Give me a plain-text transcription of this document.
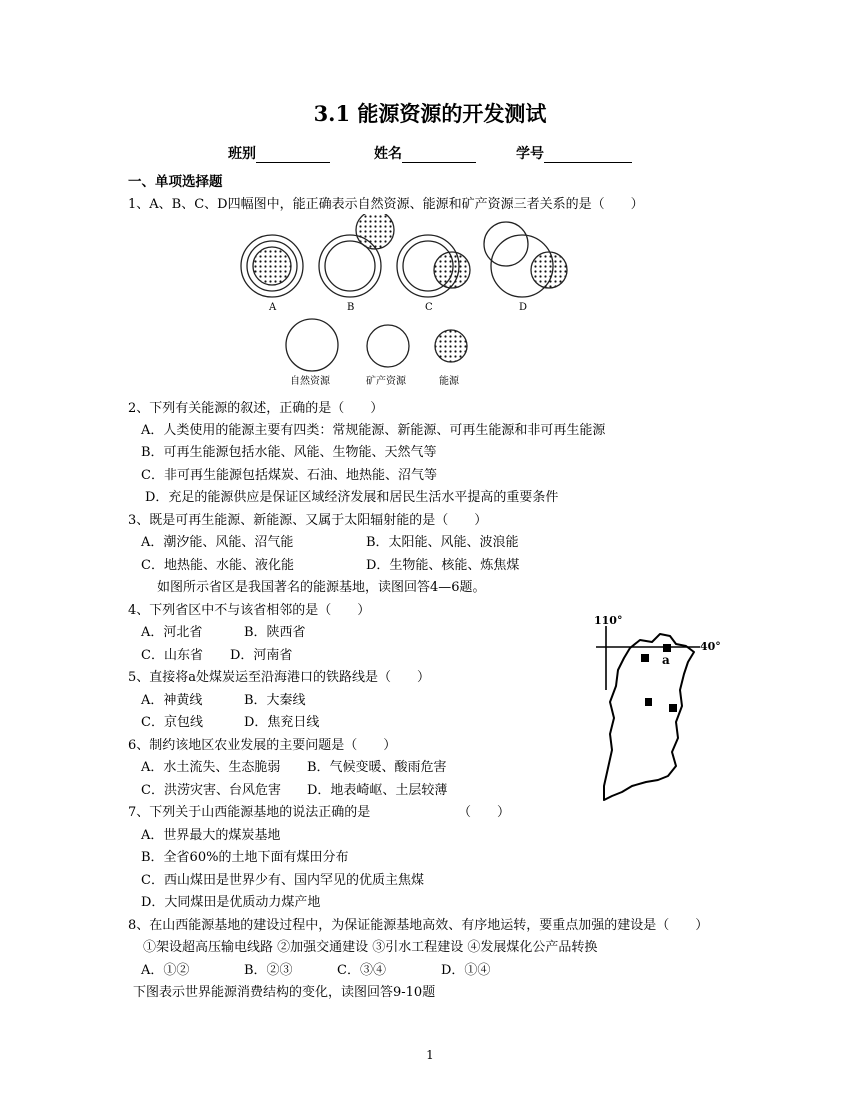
3.1 能源资源的开发测试
班别	姓名	学号
一、单项选择题
1、A、B、C、D四幅图中，能正确表示自然资源、能源和矿产资源三者关系的是（　　）
A	B	C	D
自然资源	矿产资源	能源
2、下列有关能源的叙述，正确的是（　　）
A．人类使用的能源主要有四类：常规能源、新能源、可再生能源和非可再生能源
B．可再生能源包括水能、风能、生物能、天然气等
C．非可再生能源包括煤炭、石油、地热能、沼气等
D．充足的能源供应是保证区域经济发展和居民生活水平提高的重要条件
3、既是可再生能源、新能源、又属于太阳辐射能的是（　　）
A．潮汐能、风能、沼气能	B．太阳能、风能、波浪能
C．地热能、水能、液化能	D．生物能、核能、炼焦煤
如图所示省区是我国著名的能源基地，读图回答4—6题。
4、下列省区中不与该省相邻的是（　　）
A．河北省	B．陕西省
C．山东省 D．河南省
110°
40°
a
5、直接将a处煤炭运至沿海港口的铁路线是（　　）
A．神黄线	B．大秦线
C．京包线	D．焦兖日线
6、制约该地区农业发展的主要问题是（　　）
A．水土流失、生态脆弱 B．气候变暖、酸雨危害
C．洪涝灾害、台风危害 D．地表崎岖、土层较薄
7、下列关于山西能源基地的说法正确的是	（　　）
A．世界最大的煤炭基地
B．全省60%的土地下面有煤田分布
C．西山煤田是世界少有、国内罕见的优质主焦煤
D．大同煤田是优质动力煤产地
8、在山西能源基地的建设过程中，为保证能源基地高效、有序地运转，要重点加强的建设是（　　）
①架设超高压输电线路 ②加强交通建设 ③引水工程建设 ④发展煤化公产品转换
A．①②	B．②③	C．③④	D．①④
下图表示世界能源消费结构的变化，读图回答9-10题
1
